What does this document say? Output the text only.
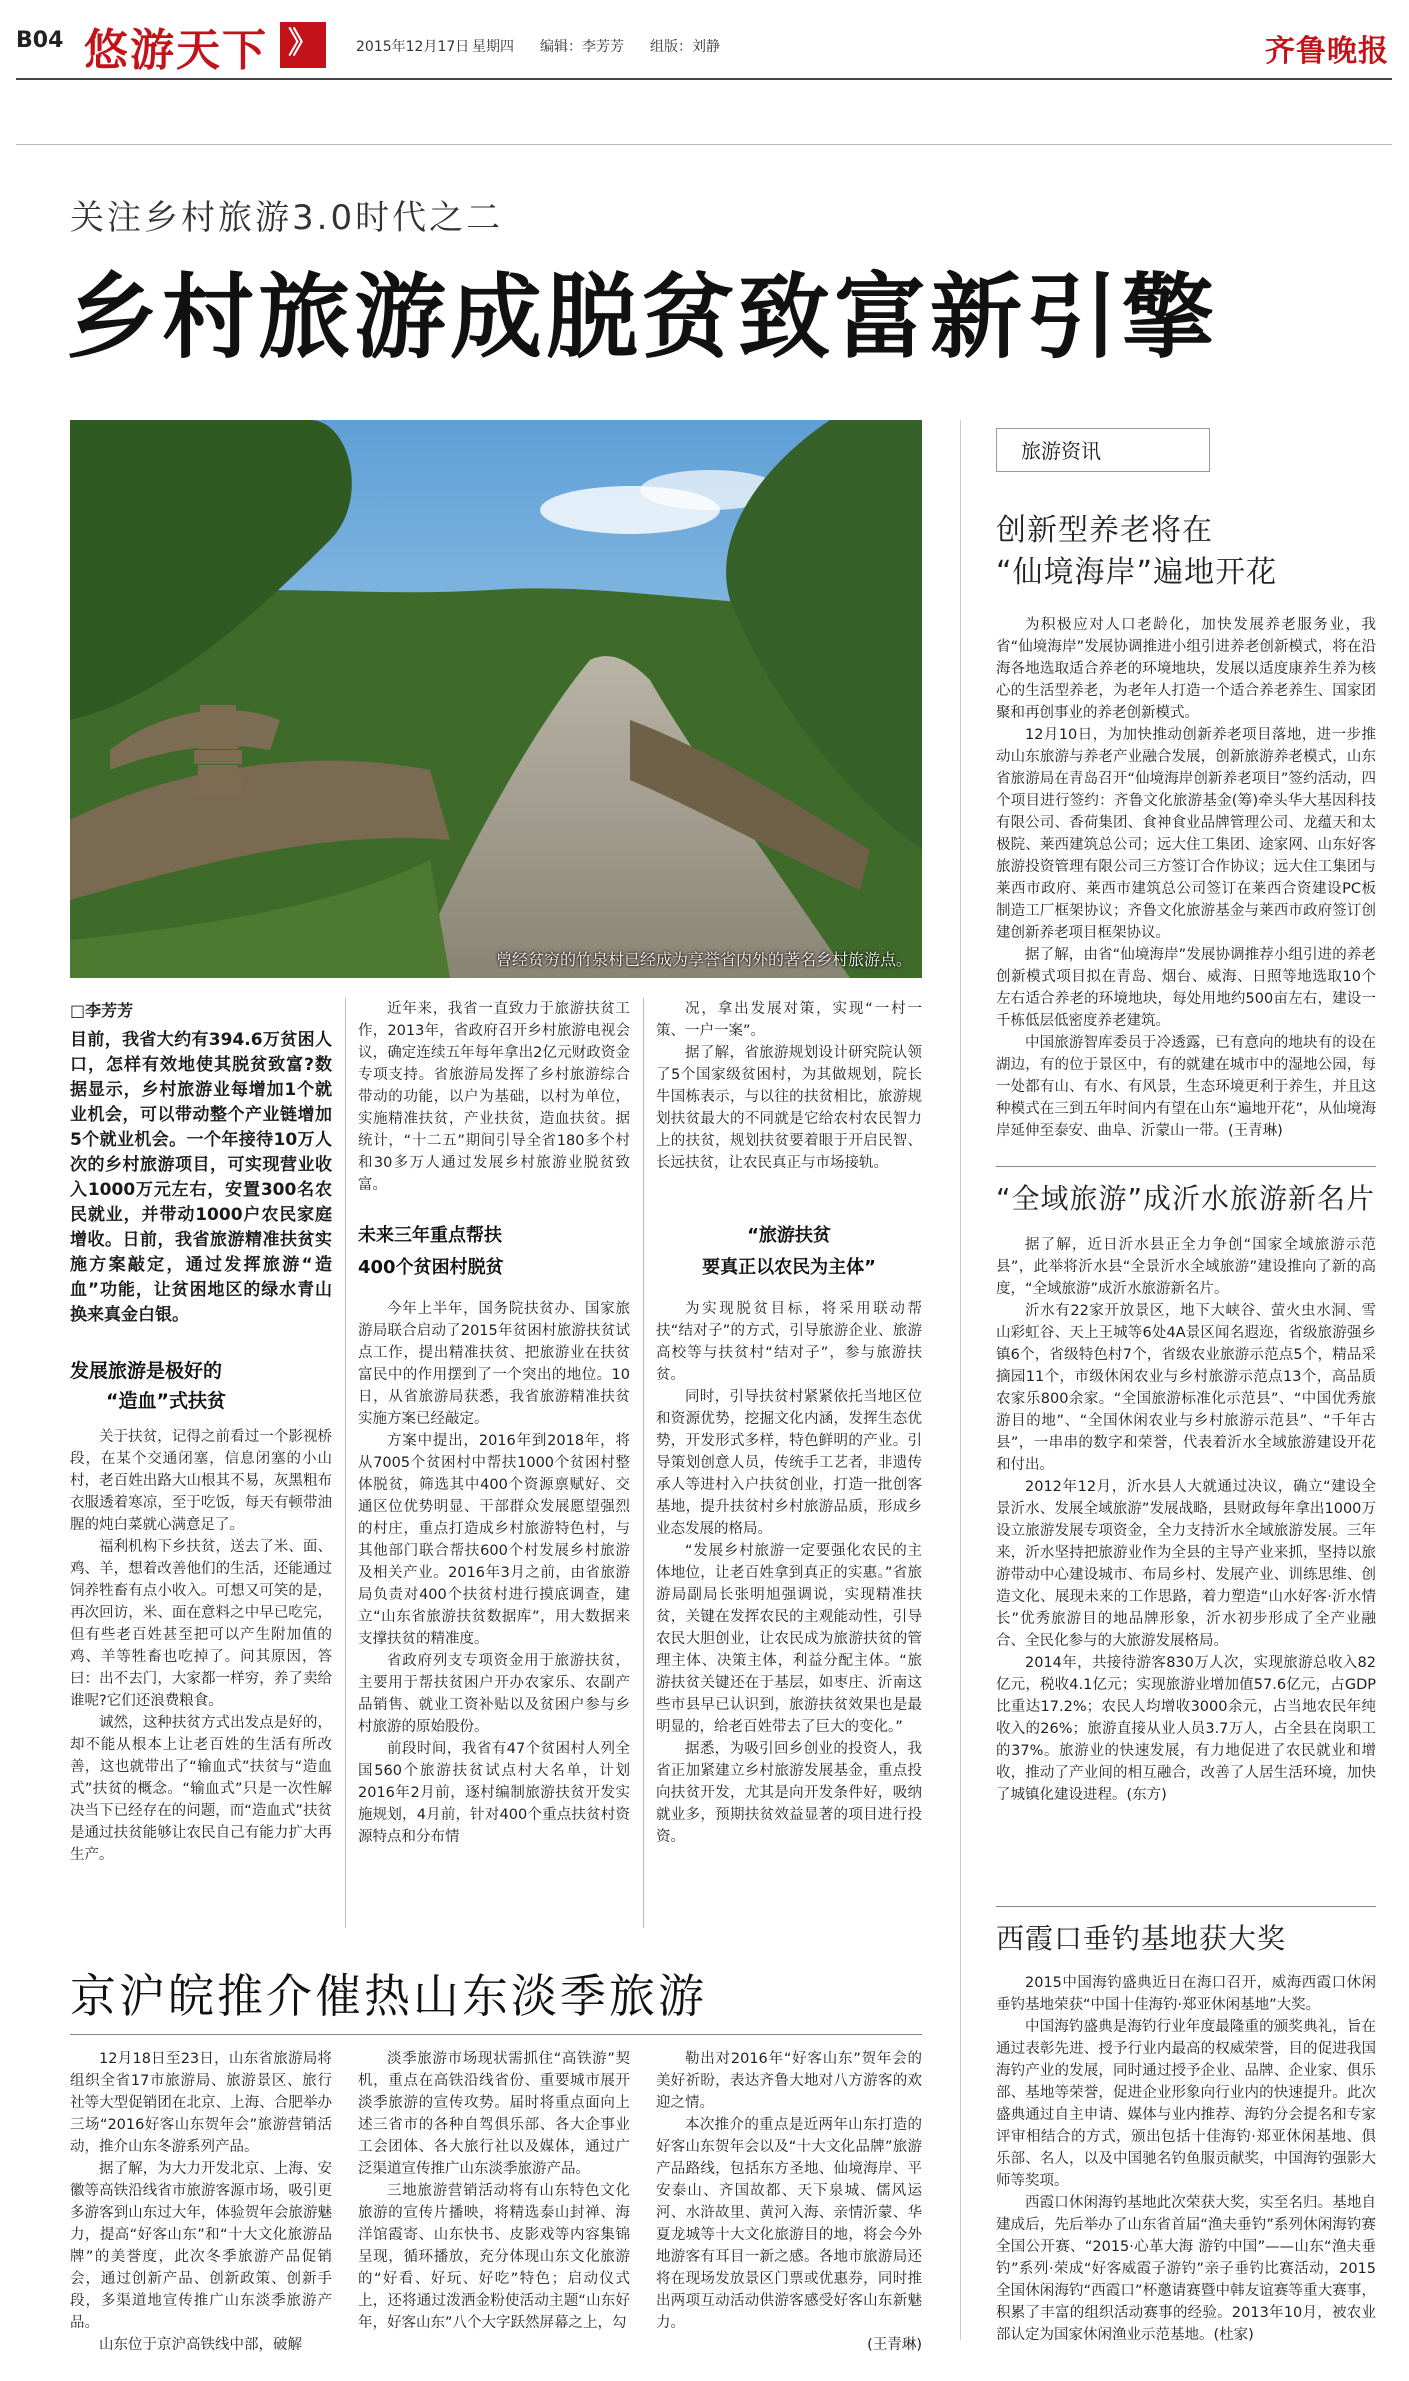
B04 悠游天下 》	2015年12月17日 星期四 编辑：李芳芳 组版：刘静	齐鲁晚报
关注乡村旅游3.0时代之二
乡村旅游成脱贫致富新引擎
曾经贫穷的竹泉村已经成为享誉省内外的著名乡村旅游点。
□李芳芳
目前，我省大约有394.6万贫困人口，怎样有效地使其脱贫致富?数据显示，乡村旅游业每增加1个就业机会，可以带动整个产业链增加5个就业机会。一个年接待10万人次的乡村旅游项目，可实现营业收入1000万元左右，安置300名农民就业，并带动1000户农民家庭增收。日前，我省旅游精准扶贫实施方案敲定，通过发挥旅游“造血”功能，让贫困地区的绿水青山换来真金白银。
发展旅游是极好的
“造血”式扶贫

关于扶贫，记得之前看过一个影视桥段，在某个交通闭塞，信息闭塞的小山村，老百姓出路大山根其不易，灰黑粗布衣服透着寒凉，至于吃饭，每天有顿带油腥的炖白菜就心满意足了。

福利机构下乡扶贫，送去了米、面、鸡、羊，想着改善他们的生活，还能通过饲养牲畜有点小收入。可想又可笑的是，再次回访，米、面在意料之中早已吃完，但有些老百姓甚至把可以产生附加值的鸡、羊等牲畜也吃掉了。问其原因，答曰：出不去门，大家都一样穷，养了卖给谁呢?它们还浪费粮食。

诚然，这种扶贫方式出发点是好的，却不能从根本上让老百姓的生活有所改善，这也就带出了“输血式”扶贫与“造血式”扶贫的概念。“输血式”只是一次性解决当下已经存在的问题，而“造血式”扶贫是通过扶贫能够让农民自己有能力扩大再生产。

近年来，我省一直致力于旅游扶贫工作，2013年，省政府召开乡村旅游电视会议，确定连续五年每年拿出2亿元财政资金专项支持。省旅游局发挥了乡村旅游综合带动的功能，以户为基础，以村为单位，实施精准扶贫，产业扶贫，造血扶贫。据统计，“十二五”期间引导全省180多个村和30多万人通过发展乡村旅游业脱贫致富。

未来三年重点帮扶
400个贫困村脱贫

今年上半年，国务院扶贫办、国家旅游局联合启动了2015年贫困村旅游扶贫试点工作，提出精准扶贫、把旅游业在扶贫富民中的作用摆到了一个突出的地位。10日，从省旅游局获悉，我省旅游精准扶贫实施方案已经敲定。

方案中提出，2016年到2018年，将从7005个贫困村中帮扶1000个贫困村整体脱贫，筛选其中400个资源禀赋好、交通区位优势明显、干部群众发展愿望强烈的村庄，重点打造成乡村旅游特色村，与其他部门联合帮扶600个村发展乡村旅游及相关产业。2016年3月之前，由省旅游局负责对400个扶贫村进行摸底调查，建立“山东省旅游扶贫数据库”，用大数据来支撑扶贫的精准度。

省政府列支专项资金用于旅游扶贫，主要用于帮扶贫困户开办农家乐、农副产品销售、就业工资补贴以及贫困户参与乡村旅游的原始股份。

前段时间，我省有47个贫困村人列全国560个旅游扶贫试点村大名单，计划2016年2月前，逐村编制旅游扶贫开发实施规划，4月前，针对400个重点扶贫村资源特点和分布情

况，拿出发展对策，实现“一村一策、一户一案”。

据了解，省旅游规划设计研究院认领了5个国家级贫困村，为其做规划，院长牛国栋表示，与以往的扶贫相比，旅游规划扶贫最大的不同就是它给农村农民智力上的扶贫，规划扶贫要着眼于开启民智、长远扶贫，让农民真正与市场接轨。

“旅游扶贫
要真正以农民为主体”

为实现脱贫目标，将采用联动帮扶“结对子”的方式，引导旅游企业、旅游高校等与扶贫村“结对子”，参与旅游扶贫。

同时，引导扶贫村紧紧依托当地区位和资源优势，挖掘文化内涵，发挥生态优势，开发形式多样，特色鲜明的产业。引导策划创意人员，传统手工艺者，非遗传承人等进村入户扶贫创业，打造一批创客基地，提升扶贫村乡村旅游品质，形成乡业态发展的格局。

“发展乡村旅游一定要强化农民的主体地位，让老百姓拿到真正的实惠。”省旅游局副局长张明旭强调说，实现精准扶贫，关键在发挥农民的主观能动性，引导农民大胆创业，让农民成为旅游扶贫的管理主体、决策主体，利益分配主体。“旅游扶贫关键还在于基层，如枣庄、沂南这些市县早已认识到，旅游扶贫效果也是最明显的，给老百姓带去了巨大的变化。”

据悉，为吸引回乡创业的投资人，我省正加紧建立乡村旅游发展基金，重点投向扶贫开发，尤其是向开发条件好，吸纳就业多，预期扶贫效益显著的项目进行投资。

京沪皖推介催热山东淡季旅游

12月18日至23日，山东省旅游局将组织全省17市旅游局、旅游景区、旅行社等大型促销团在北京、上海、合肥举办三场“2016好客山东贺年会”旅游营销活动，推介山东冬游系列产品。

据了解，为大力开发北京、上海、安徽等高铁沿线省市旅游客源市场，吸引更多游客到山东过大年，体验贺年会旅游魅力，提高“好客山东”和“十大文化旅游品牌”的美誉度，此次冬季旅游产品促销会，通过创新产品、创新政策、创新手段，多渠道地宣传推广山东淡季旅游产品。

山东位于京沪高铁线中部，破解

淡季旅游市场现状需抓住“高铁游”契机，重点在高铁沿线省份、重要城市展开淡季旅游的宣传攻势。届时将重点面向上述三省市的各种自驾俱乐部、各大企事业工会团体、各大旅行社以及媒体，通过广泛渠道宣传推广山东淡季旅游产品。

三地旅游营销活动将有山东特色文化旅游的宣传片播映，将精选泰山封禅、海洋馆霞寄、山东快书、皮影戏等内容集锦呈现，循环播放，充分体现山东文化旅游的“好看、好玩、好吃”特色；启动仪式上，还将通过泼洒金粉使活动主题“山东好年，好客山东”八个大字跃然屏幕之上，勾

勒出对2016年“好客山东”贺年会的美好祈盼，表达齐鲁大地对八方游客的欢迎之情。

本次推介的重点是近两年山东打造的好客山东贺年会以及“十大文化品牌”旅游产品路线，包括东方圣地、仙境海岸、平安泰山、齐国故都、天下泉城、儒风运河、水浒故里、黄河入海、亲情沂蒙、华夏龙城等十大文化旅游目的地，将会今外地游客有耳目一新之感。各地市旅游局还将在现场发放景区门票或优惠券，同时推出两项互动活动供游客感受好客山东新魅力。

(王青琳)
旅游资讯
创新型养老将在
“仙境海岸”遍地开花

为积极应对人口老龄化，加快发展养老服务业，我省“仙境海岸”发展协调推进小组引进养老创新模式，将在沿海各地选取适合养老的环境地块，发展以适度康养生养为核心的生活型养老，为老年人打造一个适合养老养生、国家团聚和再创事业的养老创新模式。

12月10日，为加快推动创新养老项目落地，进一步推动山东旅游与养老产业融合发展，创新旅游养老模式，山东省旅游局在青岛召开“仙境海岸创新养老项目”签约活动，四个项目进行签约：齐鲁文化旅游基金(筹)牵头华大基因科技有限公司、香荷集团、食神食业品牌管理公司、龙蕴天和太极院、莱西建筑总公司；远大住工集团、途家网、山东好客旅游投资管理有限公司三方签订合作协议；远大住工集团与莱西市政府、莱西市建筑总公司签订在莱西合资建设PC板制造工厂框架协议；齐鲁文化旅游基金与莱西市政府签订创建创新养老项目框架协议。

据了解，由省“仙境海岸”发展协调推荐小组引进的养老创新模式项目拟在青岛、烟台、威海、日照等地选取10个左右适合养老的环境地块，每处用地约500亩左右，建设一千栋低层低密度养老建筑。

中国旅游智库委员于冷透露，已有意向的地块有的设在湖边，有的位于景区中，有的就建在城市中的湿地公园，每一处都有山、有水、有风景，生态环境更利于养生，并且这种模式在三到五年时间内有望在山东“遍地开花”，从仙境海岸延伸至泰安、曲阜、沂蒙山一带。(王青琳)

“全域旅游”成沂水旅游新名片

据了解，近日沂水县正全力争创“国家全域旅游示范县”，此举将沂水县“全景沂水全域旅游”建设推向了新的高度，“全域旅游”成沂水旅游新名片。

沂水有22家开放景区，地下大峡谷、萤火虫水洞、雪山彩虹谷、天上王城等6处4A景区闻名遐迩，省级旅游强乡镇6个，省级特色村7个，省级农业旅游示范点5个，精品采摘园11个，市级休闲农业与乡村旅游示范点13个，高品质农家乐800余家。“全国旅游标准化示范县”、“中国优秀旅游目的地”、“全国休闲农业与乡村旅游示范县”、“千年古县”，一串串的数字和荣誉，代表着沂水全域旅游建设开花和付出。

2012年12月，沂水县人大就通过决议，确立“建设全景沂水、发展全域旅游”发展战略，县财政每年拿出1000万设立旅游发展专项资金，全力支持沂水全域旅游发展。三年来，沂水坚持把旅游业作为全县的主导产业来抓，坚持以旅游带动中心建设城市、布局乡村、发展产业、训练思维、创造文化、展现未来的工作思路，着力塑造“山水好客·沂水情长”优秀旅游目的地品牌形象，沂水初步形成了全产业融合、全民化参与的大旅游发展格局。

2014年，共接待游客830万人次，实现旅游总收入82亿元，税收4.1亿元；实现旅游业增加值57.6亿元，占GDP比重达17.2%；农民人均增收3000余元，占当地农民年纯收入的26%；旅游直接从业人员3.7万人，占全县在岗职工的37%。旅游业的快速发展，有力地促进了农民就业和增收，推动了产业间的相互融合，改善了人居生活环境，加快了城镇化建设进程。(东方)

西霞口垂钓基地获大奖

2015中国海钓盛典近日在海口召开，威海西霞口休闲垂钓基地荣获“中国十佳海钓·郑亚休闲基地”大奖。

中国海钓盛典是海钓行业年度最隆重的颁奖典礼，旨在通过表彰先进、授予行业内最高的权威荣誉，目的促进我国海钓产业的发展，同时通过授予企业、品牌、企业家、俱乐部、基地等荣誉，促进企业形象向行业内的快速提升。此次盛典通过自主申请、媒体与业内推荐、海钓分会提名和专家评审相结合的方式，颁出包括十佳海钓·郑亚休闲基地、俱乐部、名人，以及中国驰名钓鱼服贡献奖，中国海钓强影大师等奖项。

西霞口休闲海钓基地此次荣获大奖，实至名归。基地自建成后，先后举办了山东省首届“渔夫垂钓”系列休闲海钓赛全国公开赛、“2015·心革大海 游钓中国”——山东“渔夫垂钓”系列·荣成“好客威霞子游钓”亲子垂钓比赛活动，2015全国休闲海钓“西霞口”杯邀请赛暨中韩友谊赛等重大赛事，积累了丰富的组织活动赛事的经验。2013年10月，被农业部认定为国家休闲渔业示范基地。(杜家)
